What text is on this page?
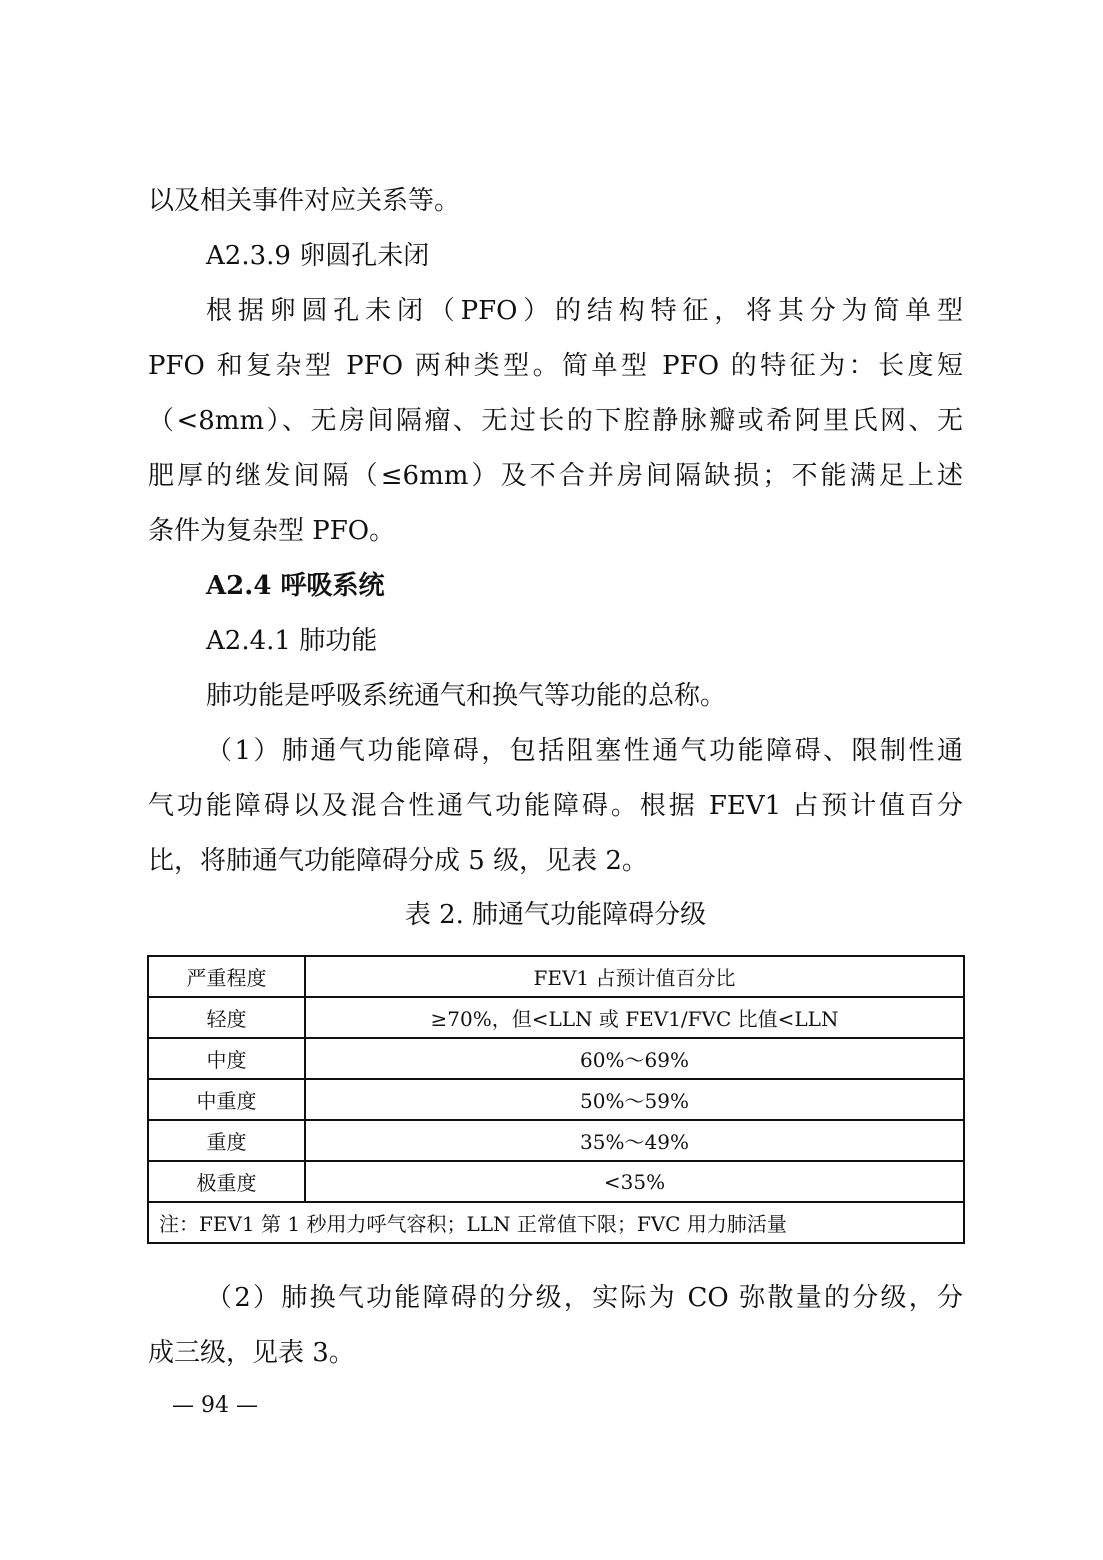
以及相关事件对应关系等。
A2.3.9 卵圆孔未闭
根据卵圆孔未闭（PFO）的结构特征，将其分为简单型
PFO 和复杂型 PFO 两种类型。简单型 PFO 的特征为：长度短
（<8mm）、无房间隔瘤、无过长的下腔静脉瓣或希阿里氏网、无
肥厚的继发间隔（≤6mm）及不合并房间隔缺损；不能满足上述
条件为复杂型 PFO。
A2.4 呼吸系统
A2.4.1 肺功能
肺功能是呼吸系统通气和换气等功能的总称。
（1）肺通气功能障碍，包括阻塞性通气功能障碍、限制性通
气功能障碍以及混合性通气功能障碍。根据 FEV1 占预计值百分
比，将肺通气功能障碍分成 5 级，见表 2。
表 2. 肺通气功能障碍分级
严重程度	FEV1 占预计值百分比
轻度	≥70%，但<LLN 或 FEV1/FVC 比值<LLN
中度	60%～69%
中重度	50%～59%
重度	35%～49%
极重度	<35%
注：FEV1 第 1 秒用力呼气容积；LLN 正常值下限；FVC 用力肺活量	
（2）肺换气功能障碍的分级，实际为 CO 弥散量的分级，分
成三级，见表 3。
— 94 —
